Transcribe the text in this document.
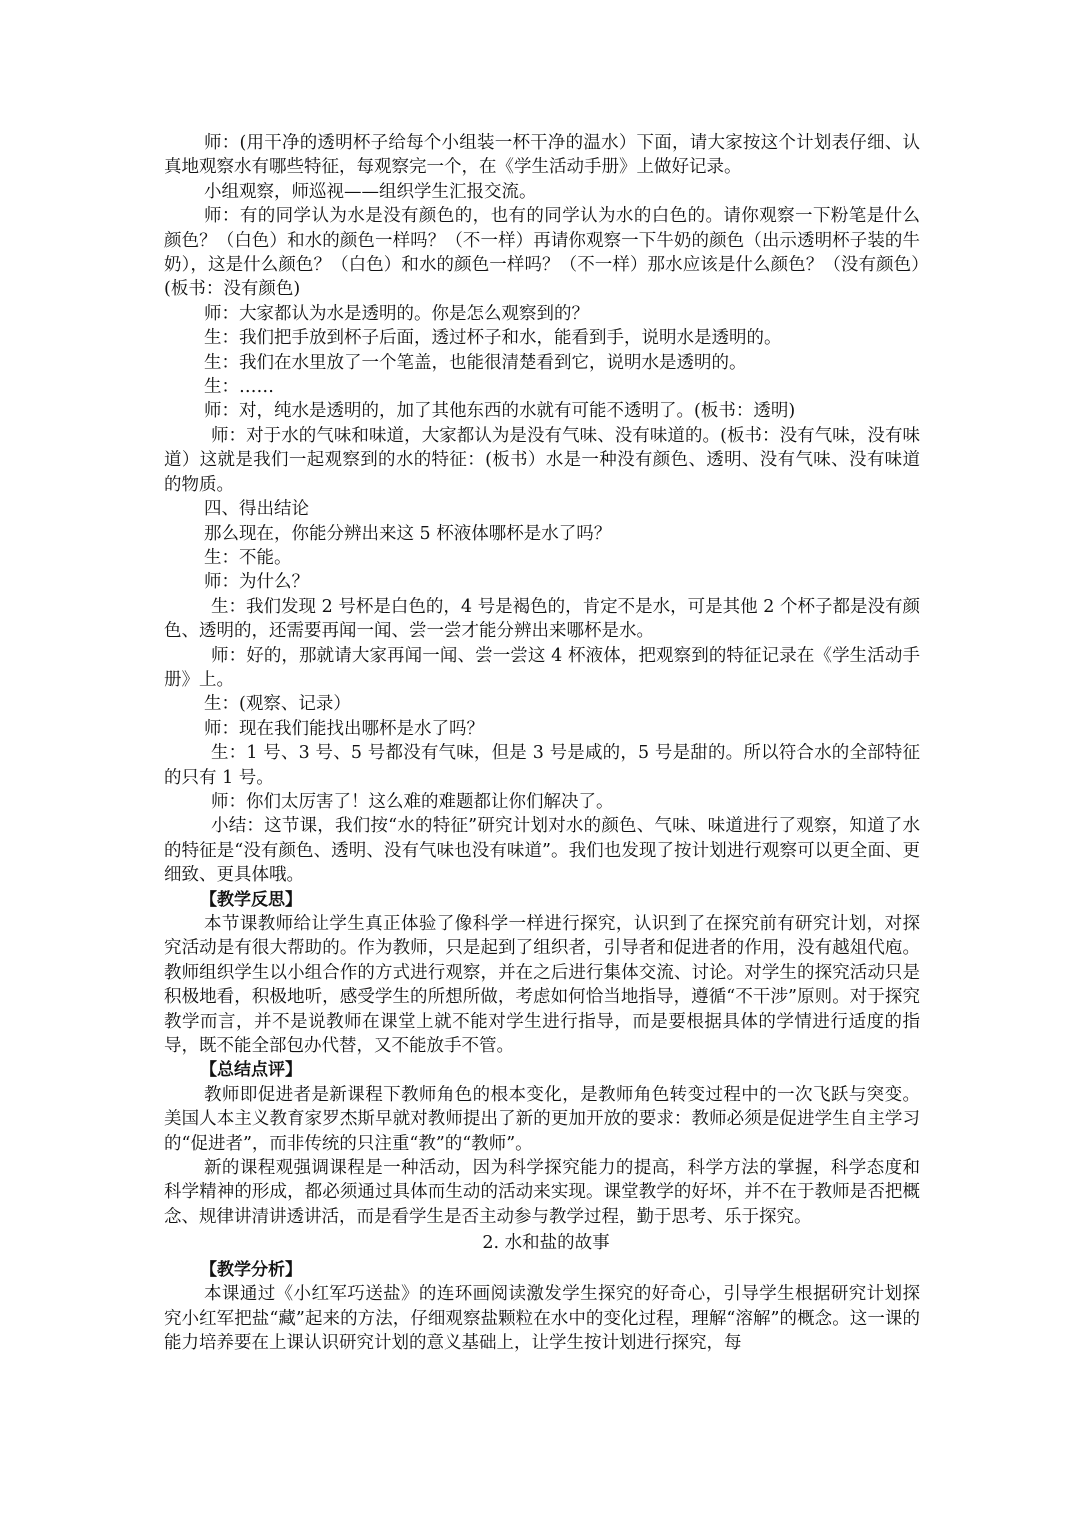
师：(用干净的透明杯子给每个小组装一杯干净的温水）下面，请大家按这个计划表仔细、认真地观察水有哪些特征，每观察完一个，在《学生活动手册》上做好记录。

小组观察，师巡视——组织学生汇报交流。

师：有的同学认为水是没有颜色的，也有的同学认为水的白色的。请你观察一下粉笔是什么颜色？（白色）和水的颜色一样吗？（不一样）再请你观察一下牛奶的颜色（出示透明杯子装的牛奶），这是什么颜色？（白色）和水的颜色一样吗？（不一样）那水应该是什么颜色？（没有颜色）(板书：没有颜色)

师：大家都认为水是透明的。你是怎么观察到的？

生：我们把手放到杯子后面，透过杯子和水，能看到手，说明水是透明的。

生：我们在水里放了一个笔盖，也能很清楚看到它，说明水是透明的。

生：……

师：对，纯水是透明的，加了其他东西的水就有可能不透明了。(板书：透明)

师：对于水的气味和味道，大家都认为是没有气味、没有味道的。(板书：没有气味，没有味道）这就是我们一起观察到的水的特征：(板书）水是一种没有颜色、透明、没有气味、没有味道的物质。

四、得出结论

那么现在，你能分辨出来这 5 杯液体哪杯是水了吗？

生：不能。

师：为什么？

生：我们发现 2 号杯是白色的，4 号是褐色的，肯定不是水，可是其他 2 个杯子都是没有颜色、透明的，还需要再闻一闻、尝一尝才能分辨出来哪杯是水。

师：好的，那就请大家再闻一闻、尝一尝这 4 杯液体，把观察到的特征记录在《学生活动手册》上。

生：(观察、记录）

师：现在我们能找出哪杯是水了吗？

生：1 号、3 号、5 号都没有气味，但是 3 号是咸的，5 号是甜的。所以符合水的全部特征的只有 1 号。

师：你们太厉害了！这么难的难题都让你们解决了。

小结：这节课，我们按“水的特征”研究计划对水的颜色、气味、味道进行了观察，知道了水的特征是“没有颜色、透明、没有气味也没有味道”。我们也发现了按计划进行观察可以更全面、更细致、更具体哦。

【教学反思】

本节课教师给让学生真正体验了像科学一样进行探究，认识到了在探究前有研究计划，对探究活动是有很大帮助的。作为教师，只是起到了组织者，引导者和促进者的作用，没有越俎代庖。教师组织学生以小组合作的方式进行观察，并在之后进行集体交流、讨论。对学生的探究活动只是积极地看，积极地听，感受学生的所想所做，考虑如何恰当地指导，遵循“不干涉”原则。对于探究教学而言，并不是说教师在课堂上就不能对学生进行指导，而是要根据具体的学情进行适度的指导，既不能全部包办代替，又不能放手不管。

【总结点评】

教师即促进者是新课程下教师角色的根本变化，是教师角色转变过程中的一次飞跃与突变。美国人本主义教育家罗杰斯早就对教师提出了新的更加开放的要求：教师必须是促进学生自主学习的“促进者”，而非传统的只注重“教”的“教师”。

新的课程观强调课程是一种活动，因为科学探究能力的提高，科学方法的掌握，科学态度和科学精神的形成，都必须通过具体而生动的活动来实现。课堂教学的好坏，并不在于教师是否把概念、规律讲清讲透讲活，而是看学生是否主动参与教学过程，勤于思考、乐于探究。

2. 水和盐的故事

【教学分析】

本课通过《小红军巧送盐》的连环画阅读激发学生探究的好奇心，引导学生根据研究计划探究小红军把盐“藏”起来的方法，仔细观察盐颗粒在水中的变化过程，理解“溶解”的概念。这一课的能力培养要在上课认识研究计划的意义基础上，让学生按计划进行探究，每
